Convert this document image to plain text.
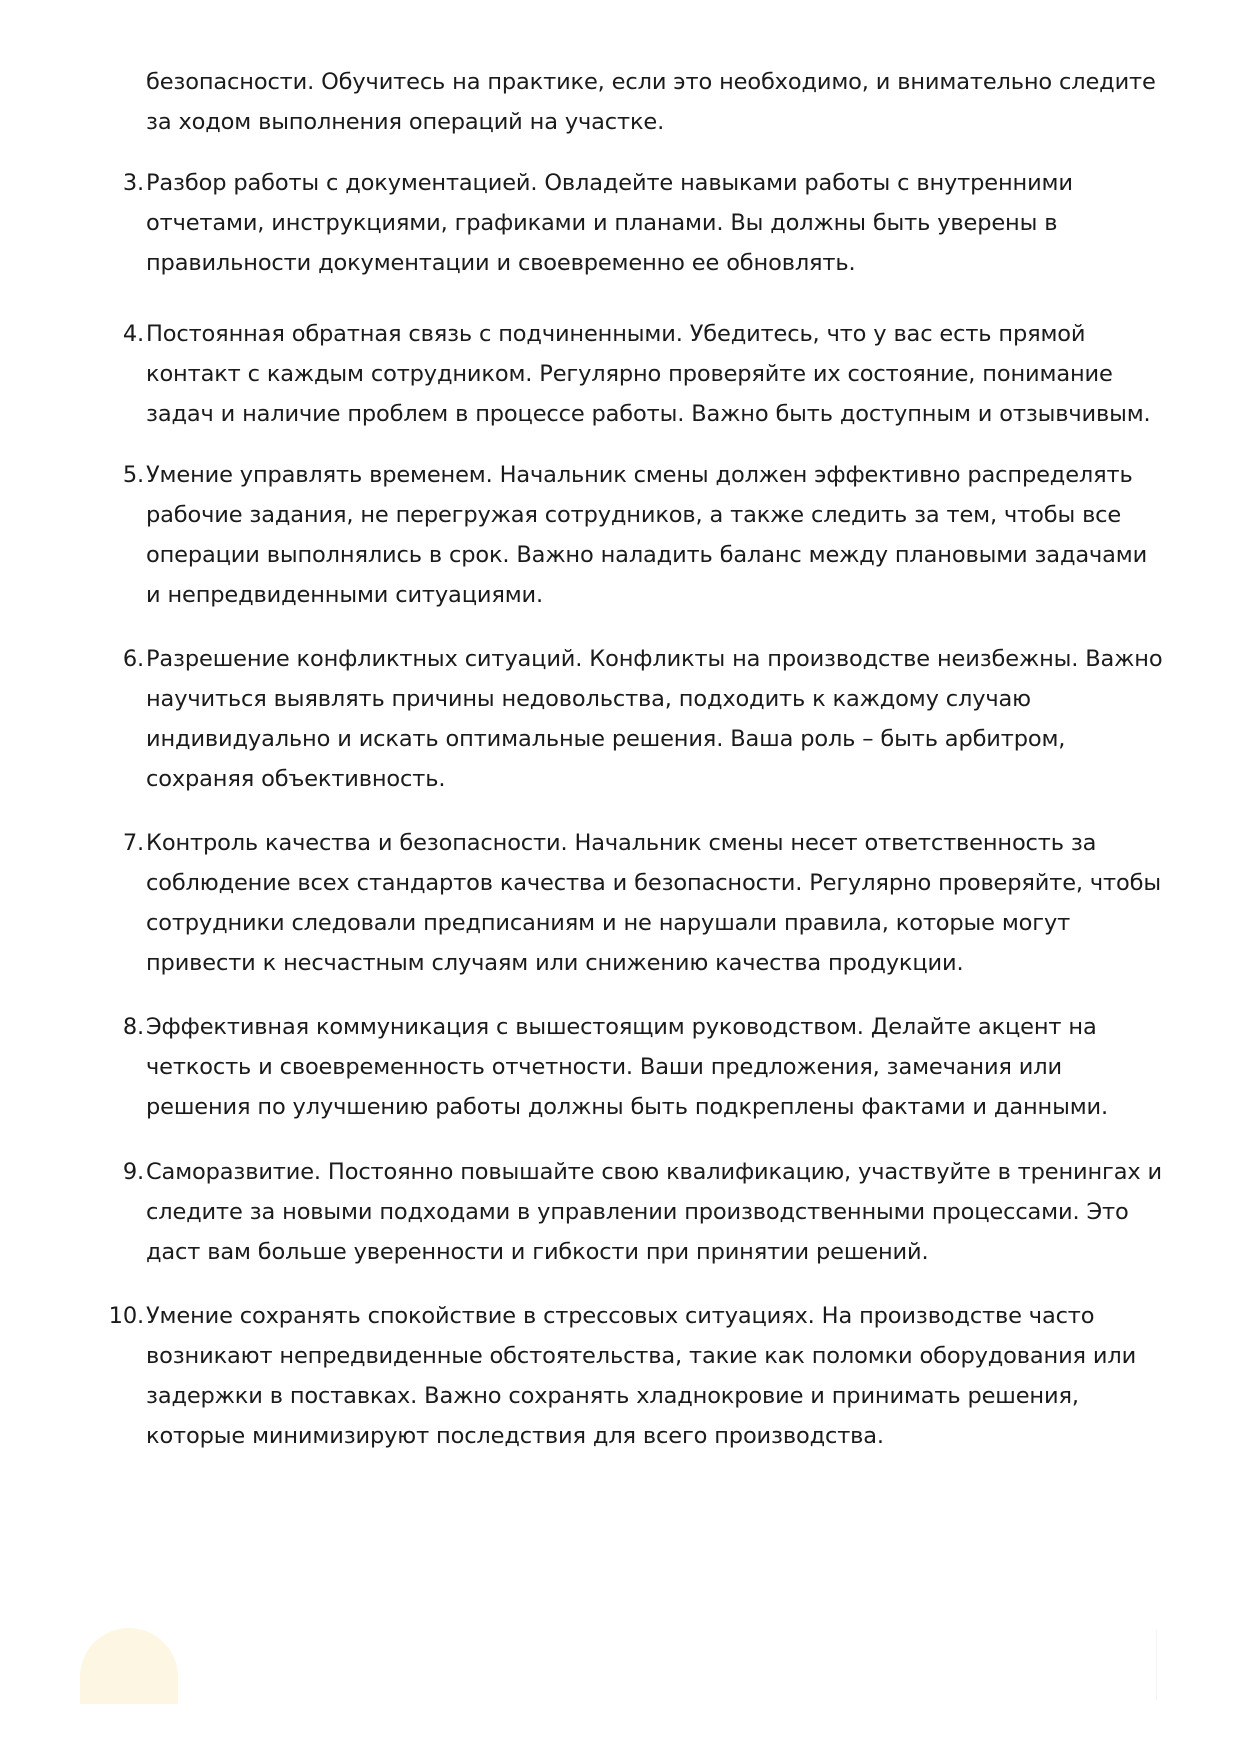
безопасности. Обучитесь на практике, если это необходимо, и внимательно следите за ходом выполнения операций на участке.
3. Разбор работы с документацией. Овладейте навыками работы с внутренними отчетами, инструкциями, графиками и планами. Вы должны быть уверены в правильности документации и своевременно ее обновлять.
4. Постоянная обратная связь с подчиненными. Убедитесь, что у вас есть прямой контакт с каждым сотрудником. Регулярно проверяйте их состояние, понимание задач и наличие проблем в процессе работы. Важно быть доступным и отзывчивым.
5. Умение управлять временем. Начальник смены должен эффективно распределять рабочие задания, не перегружая сотрудников, а также следить за тем, чтобы все операции выполнялись в срок. Важно наладить баланс между плановыми задачами и непредвиденными ситуациями.
6. Разрешение конфликтных ситуаций. Конфликты на производстве неизбежны. Важно научиться выявлять причины недовольства, подходить к каждому случаю индивидуально и искать оптимальные решения. Ваша роль – быть арбитром, сохраняя объективность.
7. Контроль качества и безопасности. Начальник смены несет ответственность за соблюдение всех стандартов качества и безопасности. Регулярно проверяйте, чтобы сотрудники следовали предписаниям и не нарушали правила, которые могут привести к несчастным случаям или снижению качества продукции.
8. Эффективная коммуникация с вышестоящим руководством. Делайте акцент на четкость и своевременность отчетности. Ваши предложения, замечания или решения по улучшению работы должны быть подкреплены фактами и данными.
9. Саморазвитие. Постоянно повышайте свою квалификацию, участвуйте в тренингах и следите за новыми подходами в управлении производственными процессами. Это даст вам больше уверенности и гибкости при принятии решений.
10. Умение сохранять спокойствие в стрессовых ситуациях. На производстве часто возникают непредвиденные обстоятельства, такие как поломки оборудования или задержки в поставках. Важно сохранять хладнокровие и принимать решения, которые минимизируют последствия для всего производства.
